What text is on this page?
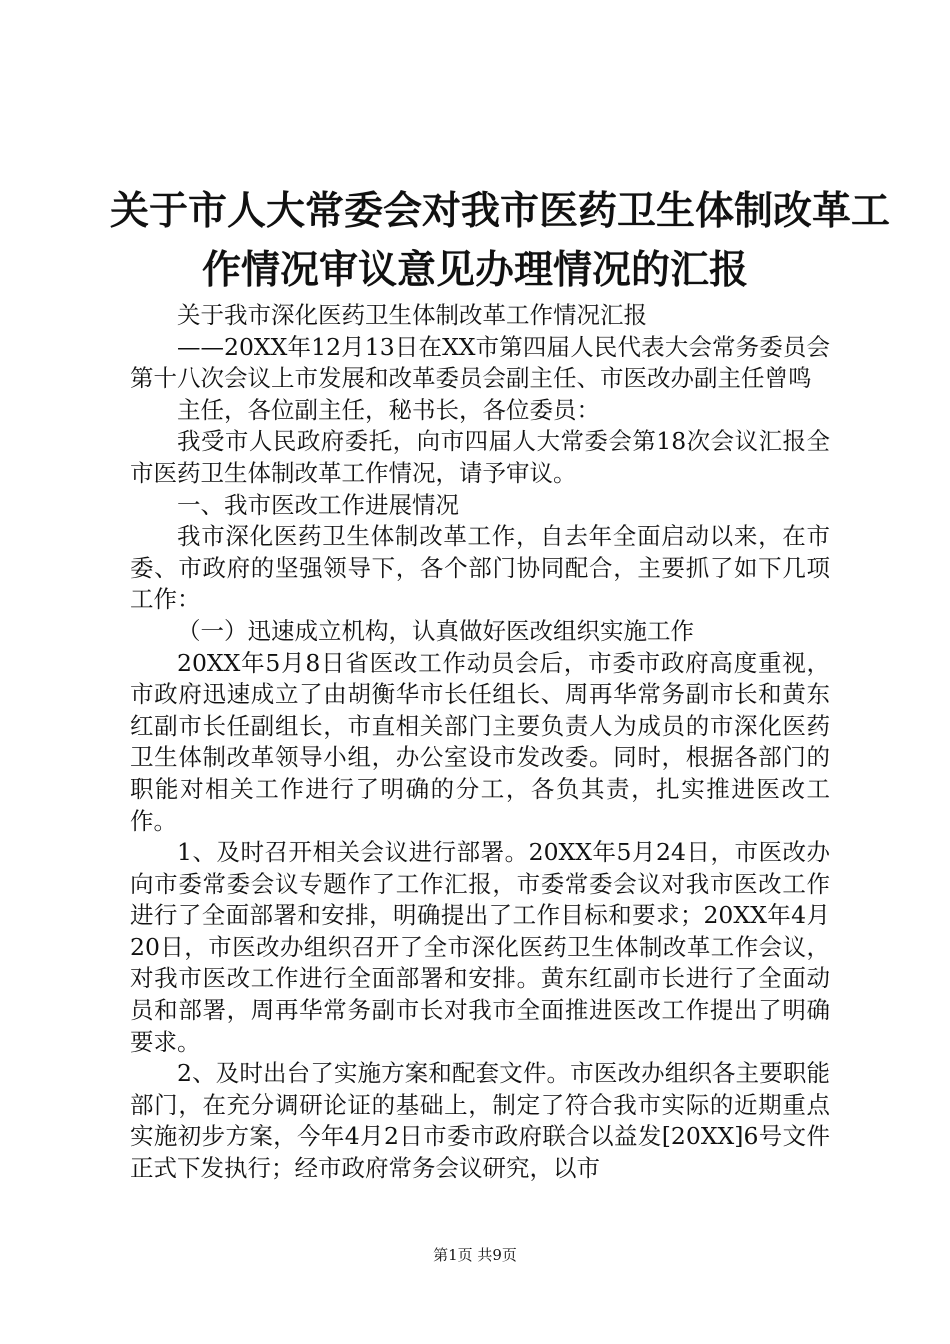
关于市人大常委会对我市医药卫生体制改革工
作情况审议意见办理情况的汇报

关于我市深化医药卫生体制改革工作情况汇报

——20XX年12月13日在XX市第四届人民代表大会常务委员会第十八次会议上市发展和改革委员会副主任、市医改办副主任曾鸣

主任，各位副主任，秘书长，各位委员：

我受市人民政府委托，向市四届人大常委会第18次会议汇报全市医药卫生体制改革工作情况，请予审议。

一、我市医改工作进展情况

我市深化医药卫生体制改革工作，自去年全面启动以来，在市委、市政府的坚强领导下，各个部门协同配合，主要抓了如下几项工作：

（一）迅速成立机构，认真做好医改组织实施工作

20XX年5月8日省医改工作动员会后，市委市政府高度重视，市政府迅速成立了由胡衡华市长任组长、周再华常务副市长和黄东红副市长任副组长，市直相关部门主要负责人为成员的市深化医药卫生体制改革领导小组，办公室设市发改委。同时，根据各部门的职能对相关工作进行了明确的分工，各负其责，扎实推进医改工作。

1、及时召开相关会议进行部署。20XX年5月24日，市医改办向市委常委会议专题作了工作汇报，市委常委会议对我市医改工作进行了全面部署和安排，明确提出了工作目标和要求；20XX年4月20日，市医改办组织召开了全市深化医药卫生体制改革工作会议，对我市医改工作进行全面部署和安排。黄东红副市长进行了全面动员和部署，周再华常务副市长对我市全面推进医改工作提出了明确要求。

2、及时出台了实施方案和配套文件。市医改办组织各主要职能部门，在充分调研论证的基础上，制定了符合我市实际的近期重点实施初步方案，今年4月2日市委市政府联合以益发[20XX]6号文件正式下发执行；经市政府常务会议研究，以市

第1页 共9页
